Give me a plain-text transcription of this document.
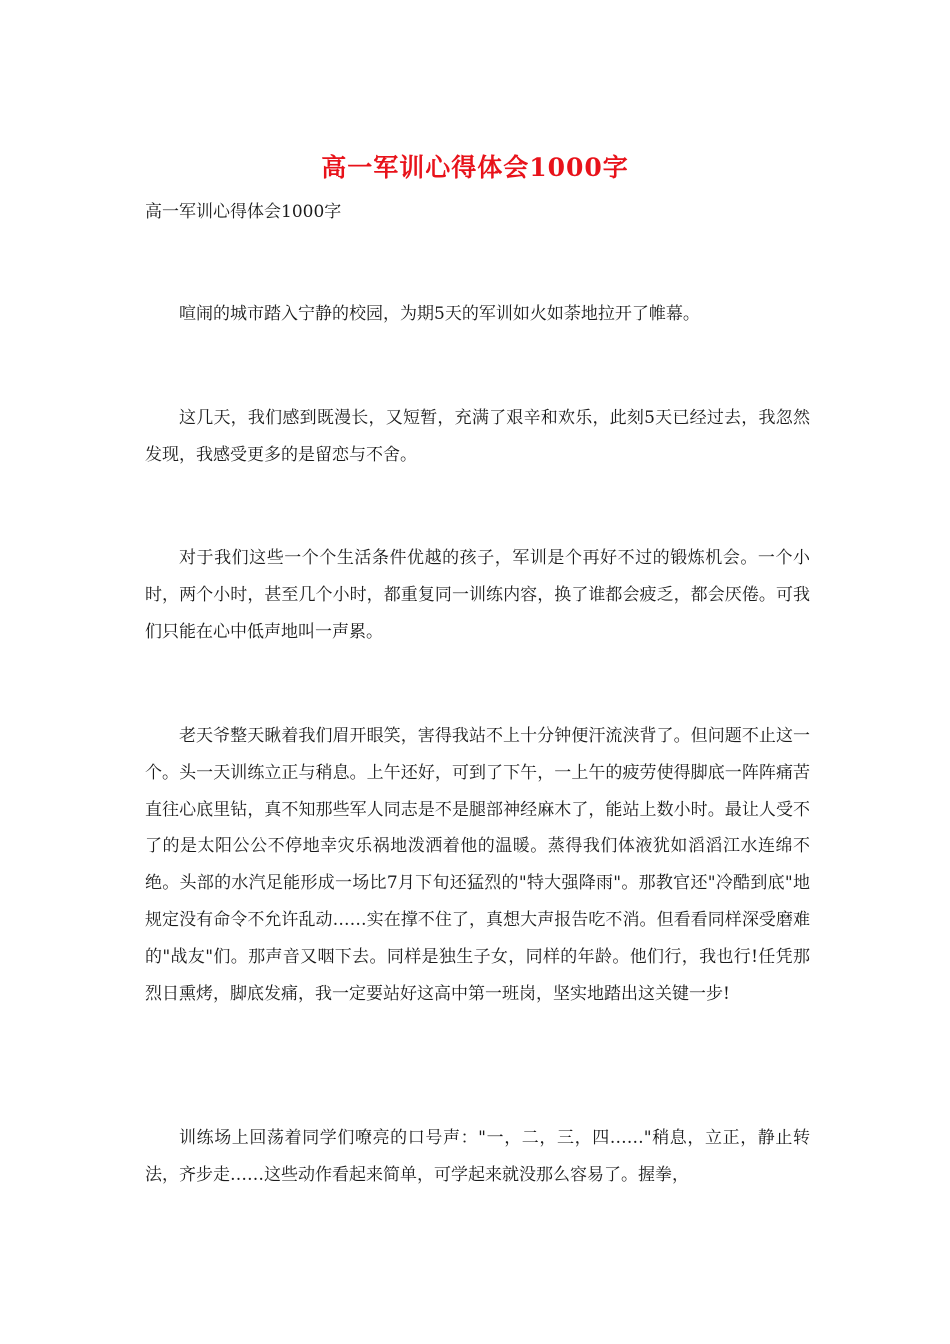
高一军训心得体会1000字

高一军训心得体会1000字

喧闹的城市踏入宁静的校园，为期5天的军训如火如荼地拉开了帷幕。

这几天，我们感到既漫长，又短暂，充满了艰辛和欢乐，此刻5天已经过去，我忽然发现，我感受更多的是留恋与不舍。

对于我们这些一个个生活条件优越的孩子，军训是个再好不过的锻炼机会。一个小时，两个小时，甚至几个小时，都重复同一训练内容，换了谁都会疲乏，都会厌倦。可我们只能在心中低声地叫一声累。

老天爷整天瞅着我们眉开眼笑，害得我站不上十分钟便汗流浃背了。但问题不止这一个。头一天训练立正与稍息。上午还好，可到了下午，一上午的疲劳使得脚底一阵阵痛苦直往心底里钻，真不知那些军人同志是不是腿部神经麻木了，能站上数小时。最让人受不了的是太阳公公不停地幸灾乐祸地泼洒着他的温暖。蒸得我们体液犹如滔滔江水连绵不绝。头部的水汽足能形成一场比7月下旬还猛烈的"特大强降雨"。那教官还"冷酷到底"地规定没有命令不允许乱动……实在撑不住了，真想大声报告吃不消。但看看同样深受磨难的"战友"们。那声音又咽下去。同样是独生子女，同样的年龄。他们行，我也行!任凭那烈日熏烤，脚底发痛，我一定要站好这高中第一班岗，坚实地踏出这关键一步!

训练场上回荡着同学们嘹亮的口号声："一，二，三，四……"稍息，立正，静止转法，齐步走……这些动作看起来简单，可学起来就没那么容易了。握拳，
